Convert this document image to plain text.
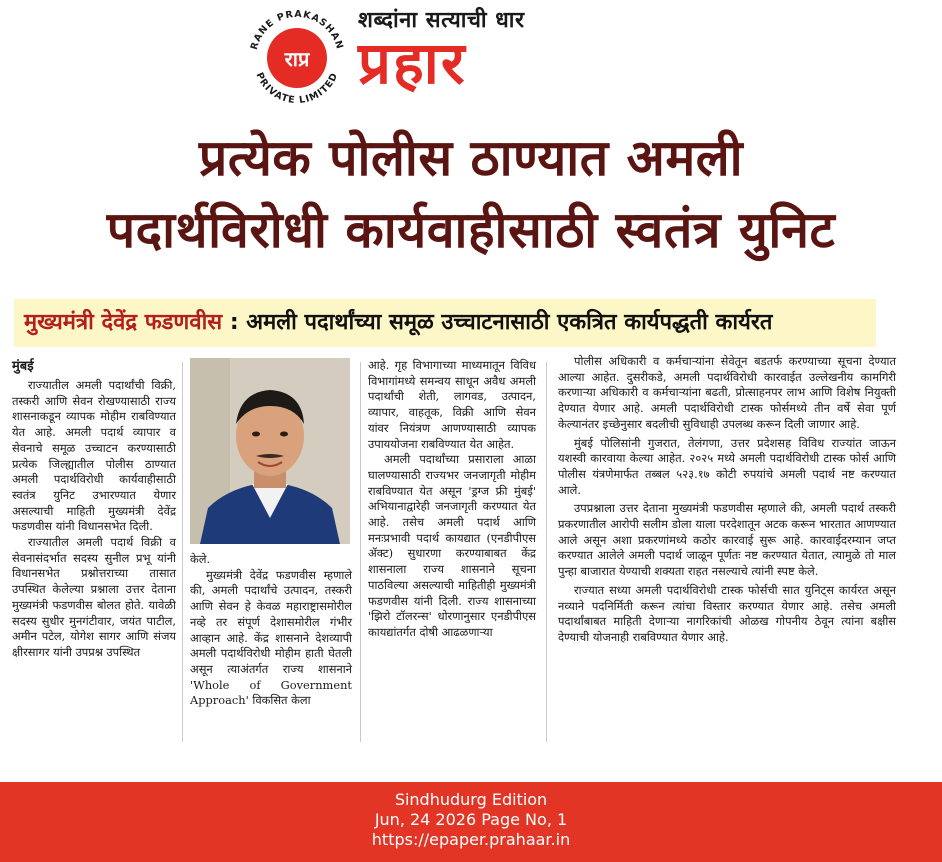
RANE PRAKASHAN
PRIVATE LIMITED
राप्र
शब्दांना सत्याची धार
प्रहार
प्रत्येक पोलीस ठाण्यात अमली
पदार्थविरोधी कार्यवाहीसाठी स्वतंत्र युनिट
मुख्यमंत्री देवेंद्र फडणवीस : अमली पदार्थांच्या समूळ उच्चाटनासाठी एकत्रित कार्यपद्धती कार्यरत

मुंबई

राज्यातील अमली पदार्थांची विक्री, तस्करी आणि सेवन रोखण्यासाठी राज्य शासनाकडून व्यापक मोहीम राबविण्यात येत आहे. अमली पदार्थ व्यापार व सेवनाचे समूळ उच्चाटन करण्यासाठी प्रत्येक जिल्ह्यातील पोलीस ठाण्यात अमली पदार्थविरोधी कार्यवाहीसाठी स्वतंत्र युनिट उभारण्यात येणार असल्याची माहिती मुख्यमंत्री देवेंद्र फडणवीस यांनी विधानसभेत दिली.

राज्यातील अमली पदार्थ विक्री व सेवनासंदर्भात सदस्य सुनील प्रभू यांनी विधानसभेत प्रश्नोत्तराच्या तासात उपस्थित केलेल्या प्रश्नाला उत्तर देताना मुख्यमंत्री फडणवीस बोलत होते. यावेळी सदस्य सुधीर मुनगंटीवार, जयंत पाटील, अमीन पटेल, योगेश सागर आणि संजय क्षीरसागर यांनी उपप्रश्न उपस्थित

केले.

मुख्यमंत्री देवेंद्र फडणवीस म्हणाले की, अमली पदार्थांचे उत्पादन, तस्करी आणि सेवन हे केवळ महाराष्ट्रासमोरील नव्हे तर संपूर्ण देशासमोरील गंभीर आव्हान आहे. केंद्र शासनाने देशव्यापी अमली पदार्थविरोधी मोहीम हाती घेतली असून त्याअंतर्गत राज्य शासनाने 'Whole of Government Approach' विकसित केला

आहे. गृह विभागाच्या माध्यमातून विविध विभागांमध्ये समन्वय साधून अवैध अमली पदार्थांची शेती, लागवड, उत्पादन, व्यापार, वाहतूक, विक्री आणि सेवन यांवर नियंत्रण आणण्यासाठी व्यापक उपाययोजना राबविण्यात येत आहेत.

अमली पदार्थांच्या प्रसाराला आळा घालण्यासाठी राज्यभर जनजागृती मोहीम राबविण्यात येत असून 'ड्रग्ज फ्री मुंबई' अभियानाद्वारेही जनजागृती करण्यात येत आहे. तसेच अमली पदार्थ आणि मनःप्रभावी पदार्थ कायद्यात (एनडीपीएस ॲक्ट) सुधारणा करण्याबाबत केंद्र शासनाला राज्य शासनाने सूचना पाठविल्या असल्याची माहितीही मुख्यमंत्री फडणवीस यांनी दिली. राज्य शासनाच्या 'झिरो टॉलरन्स' धोरणानुसार एनडीपीएस कायद्यांतर्गत दोषी आढळणाऱ्या

पोलीस अधिकारी व कर्मचाऱ्यांना सेवेतून बडतर्फ करण्याच्या सूचना देण्यात आल्या आहेत. दुसरीकडे, अमली पदार्थविरोधी कारवाईत उल्लेखनीय कामगिरी करणाऱ्या अधिकारी व कर्मचाऱ्यांना बढती, प्रोत्साहनपर लाभ आणि विशेष नियुक्ती देण्यात येणार आहे. अमली पदार्थविरोधी टास्क फोर्समध्ये तीन वर्षे सेवा पूर्ण केल्यानंतर इच्छेनुसार बदलीची सुविधाही उपलब्ध करून दिली जाणार आहे.

मुंबई पोलिसांनी गुजरात, तेलंगणा, उत्तर प्रदेशसह विविध राज्यांत जाऊन यशस्वी कारवाया केल्या आहेत. २०२५ मध्ये अमली पदार्थविरोधी टास्क फोर्स आणि पोलीस यंत्रणेमार्फत तब्बल ५२३.१७ कोटी रुपयांचे अमली पदार्थ नष्ट करण्यात आले.

उपप्रश्नाला उत्तर देताना मुख्यमंत्री फडणवीस म्हणाले की, अमली पदार्थ तस्करी प्रकरणातील आरोपी सलीम डोला याला परदेशातून अटक करून भारतात आणण्यात आले असून अशा प्रकरणांमध्ये कठोर कारवाई सुरू आहे. कारवाईदरम्यान जप्त करण्यात आलेले अमली पदार्थ जाळून पूर्णतः नष्ट करण्यात येतात, त्यामुळे तो माल पुन्हा बाजारात येण्याची शक्यता राहत नसल्याचे त्यांनी स्पष्ट केले.

राज्यात सध्या अमली पदार्थविरोधी टास्क फोर्सची सात युनिट्स कार्यरत असून नव्याने पदनिर्मिती करून त्यांचा विस्तार करण्यात येणार आहे. तसेच अमली पदार्थांबाबत माहिती देणाऱ्या नागरिकांची ओळख गोपनीय ठेवून त्यांना बक्षीस देण्याची योजनाही राबविण्यात येणार आहे.

Sindhudurg Edition
Jun, 24 2026 Page No, 1
https://epaper.prahaar.in
